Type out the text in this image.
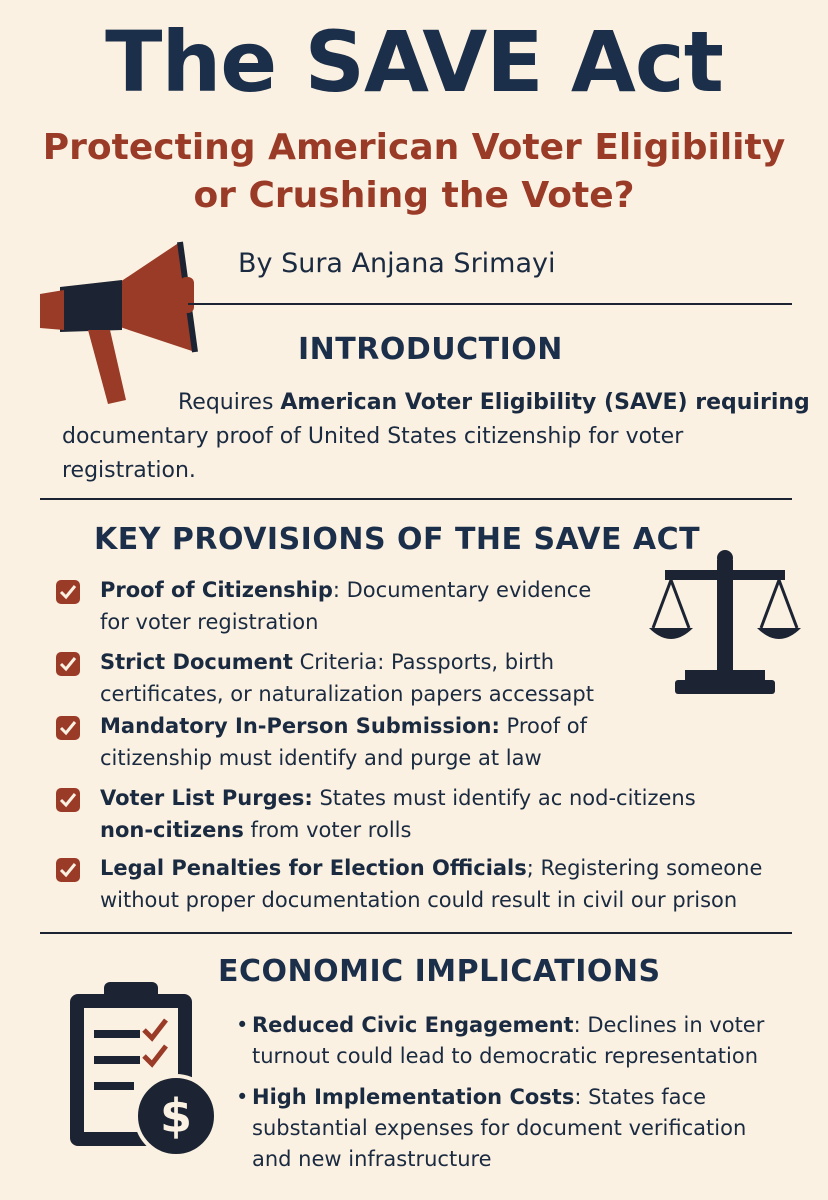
The SAVE Act
Protecting American Voter Eligibility
or Crushing the Vote?
By Sura Anjana Srimayi
INTRODUCTION
Requires American Voter Eligibility (SAVE) requiring
documentary proof of United States citizenship for voter
registration.
KEY PROVISIONS OF THE SAVE ACT
Proof of Citizenship: Documentary evidence
for voter registration
Strict Document Criteria: Passports, birth
certificates, or naturalization papers accessapt
Mandatory In-Person Submission: Proof of
citizenship must identify and purge at law
Voter List Purges: States must identify ac nod-citizens
non-citizens from voter rolls
Legal Penalties for Election Officials; Registering someone
without proper documentation could result in civil our prison
ECONOMIC IMPLICATIONS
$
• Reduced Civic Engagement: Declines in voter
turnout could lead to democratic representation
• High Implementation Costs: States face
substantial expenses for document verification
and new infrastructure
